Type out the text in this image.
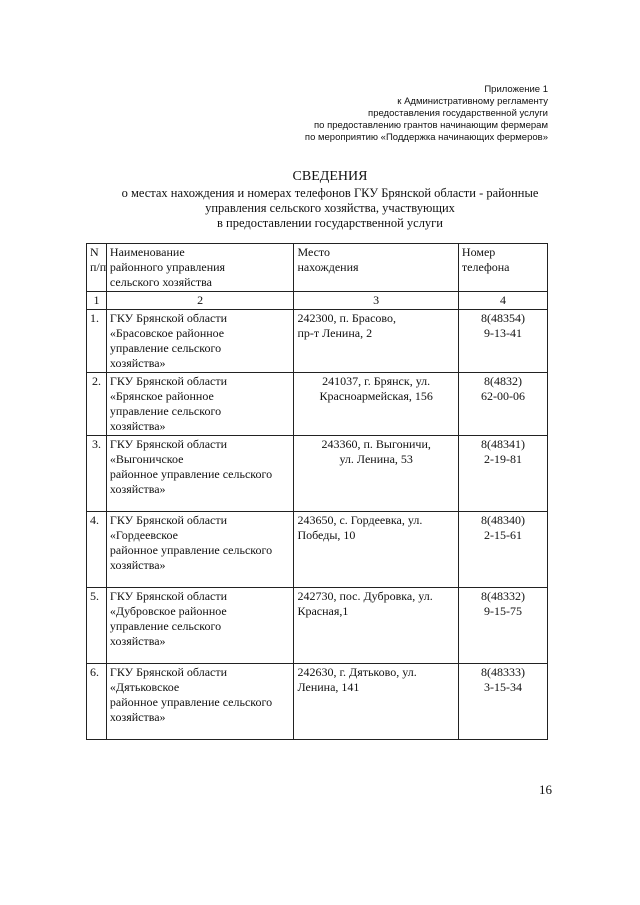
Приложение 1
к Административному регламенту
предоставления государственной услуги
по предоставлению грантов начинающим фермерам
по мероприятию «Поддержка начинающих фермеров»
СВЕДЕНИЯ
о местах нахождения и номерах телефонов ГКУ Брянской области - районные
управления сельского хозяйства, участвующих
в предоставлении государственной услуги
N
п/п	Наименование
районного управления
сельского хозяйства	Место
нахождения	Номер
телефона

1	2	3	4
1.	ГКУ Брянской области
«Брасовское районное
управление сельского
хозяйства»	242300, п. Брасово,
пр-т Ленина, 2	8(48354)
9-13-41

2.	ГКУ Брянской области
«Брянское районное
управление сельского
хозяйства»	241037, г. Брянск, ул.
Красноармейская, 156	8(4832)
62-00-06

3.	ГКУ Брянской области
«Выгоничское
районное управление сельского
хозяйства»	243360, п. Выгоничи,
ул. Ленина, 53	8(48341)
2-19-81

4.	ГКУ Брянской области
«Гордеевское
районное управление сельского
хозяйства»	243650, с. Гордеевка, ул.
Победы, 10	8(48340)
2-15-61

5.	ГКУ Брянской области
«Дубровское районное
управление сельского
хозяйства»	242730, пос. Дубровка, ул.
Красная,1	8(48332)
9-15-75

6.	ГКУ Брянской области
«Дятьковское
районное управление сельского
хозяйства»	242630, г. Дятьково, ул.
Ленина, 141	8(48333)
3-15-34
16
